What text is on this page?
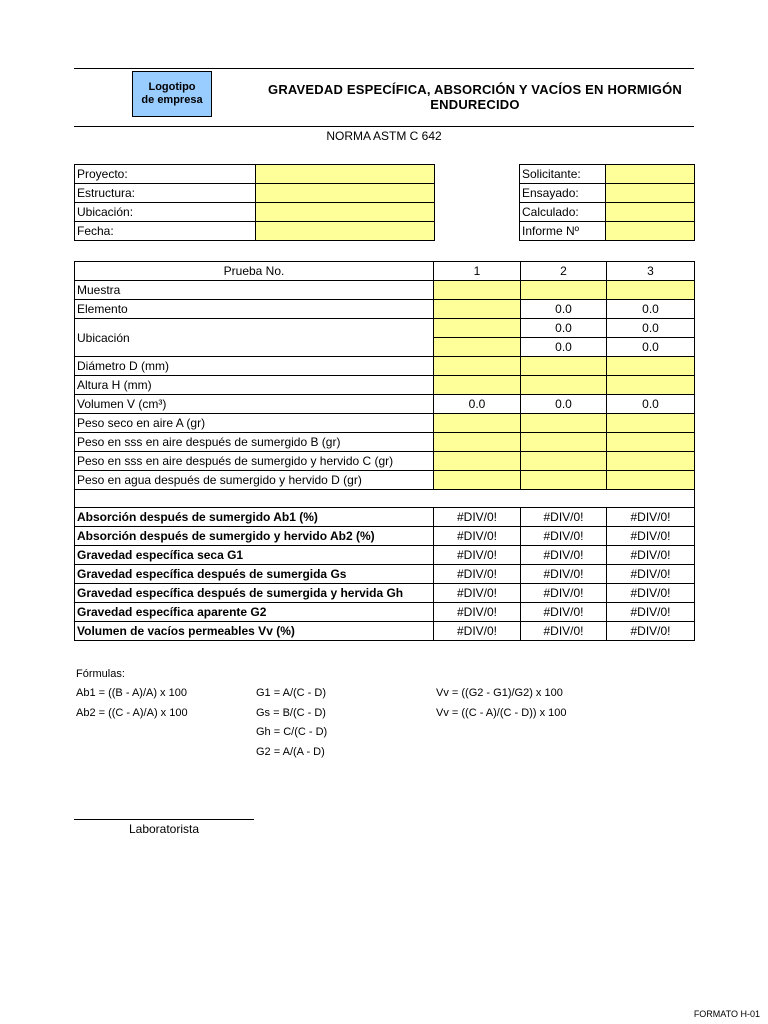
Logotipo de empresa
GRAVEDAD ESPECÍFICA, ABSORCIÓN Y VACÍOS EN HORMIGÓN ENDURECIDO
NORMA ASTM C 642
Proyecto:	
Estructura:	
Ubicación:	
Fecha:	
Solicitante:	
Ensayado:	
Calculado:	
Informe Nº	
Prueba No.	1	2	3
Muestra			
Elemento		0.0	0.0
Ubicación		0.0	0.0
		0.0	0.0
Diámetro D (mm)			
Altura H (mm)			
Volumen V (cm³)	0.0	0.0	0.0
Peso seco en aire A (gr)			
Peso en sss en aire después de sumergido B (gr)			
Peso en sss en aire después de sumergido y hervido C (gr)			
Peso en agua después de sumergido y hervido D (gr)			

Absorción después de sumergido Ab1 (%)	#DIV/0!	#DIV/0!	#DIV/0!
Absorción después de sumergido y hervido Ab2 (%)	#DIV/0!	#DIV/0!	#DIV/0!
Gravedad específica seca G1	#DIV/0!	#DIV/0!	#DIV/0!
Gravedad específica después de sumergida Gs	#DIV/0!	#DIV/0!	#DIV/0!
Gravedad específica después de sumergida y hervida Gh	#DIV/0!	#DIV/0!	#DIV/0!
Gravedad específica aparente G2	#DIV/0!	#DIV/0!	#DIV/0!
Volumen de vacíos permeables Vv (%)	#DIV/0!	#DIV/0!	#DIV/0!
Fórmulas:
Ab1 = ((B - A)/A) x 100
Ab2 = ((C - A)/A) x 100
G1 = A/(C - D)
Gs = B/(C - D)
Gh = C/(C - D)
G2 = A/(A - D)
Vv = ((G2 - G1)/G2) x 100
Vv = ((C - A)/(C - D)) x 100
Laboratorista
FORMATO H-01
